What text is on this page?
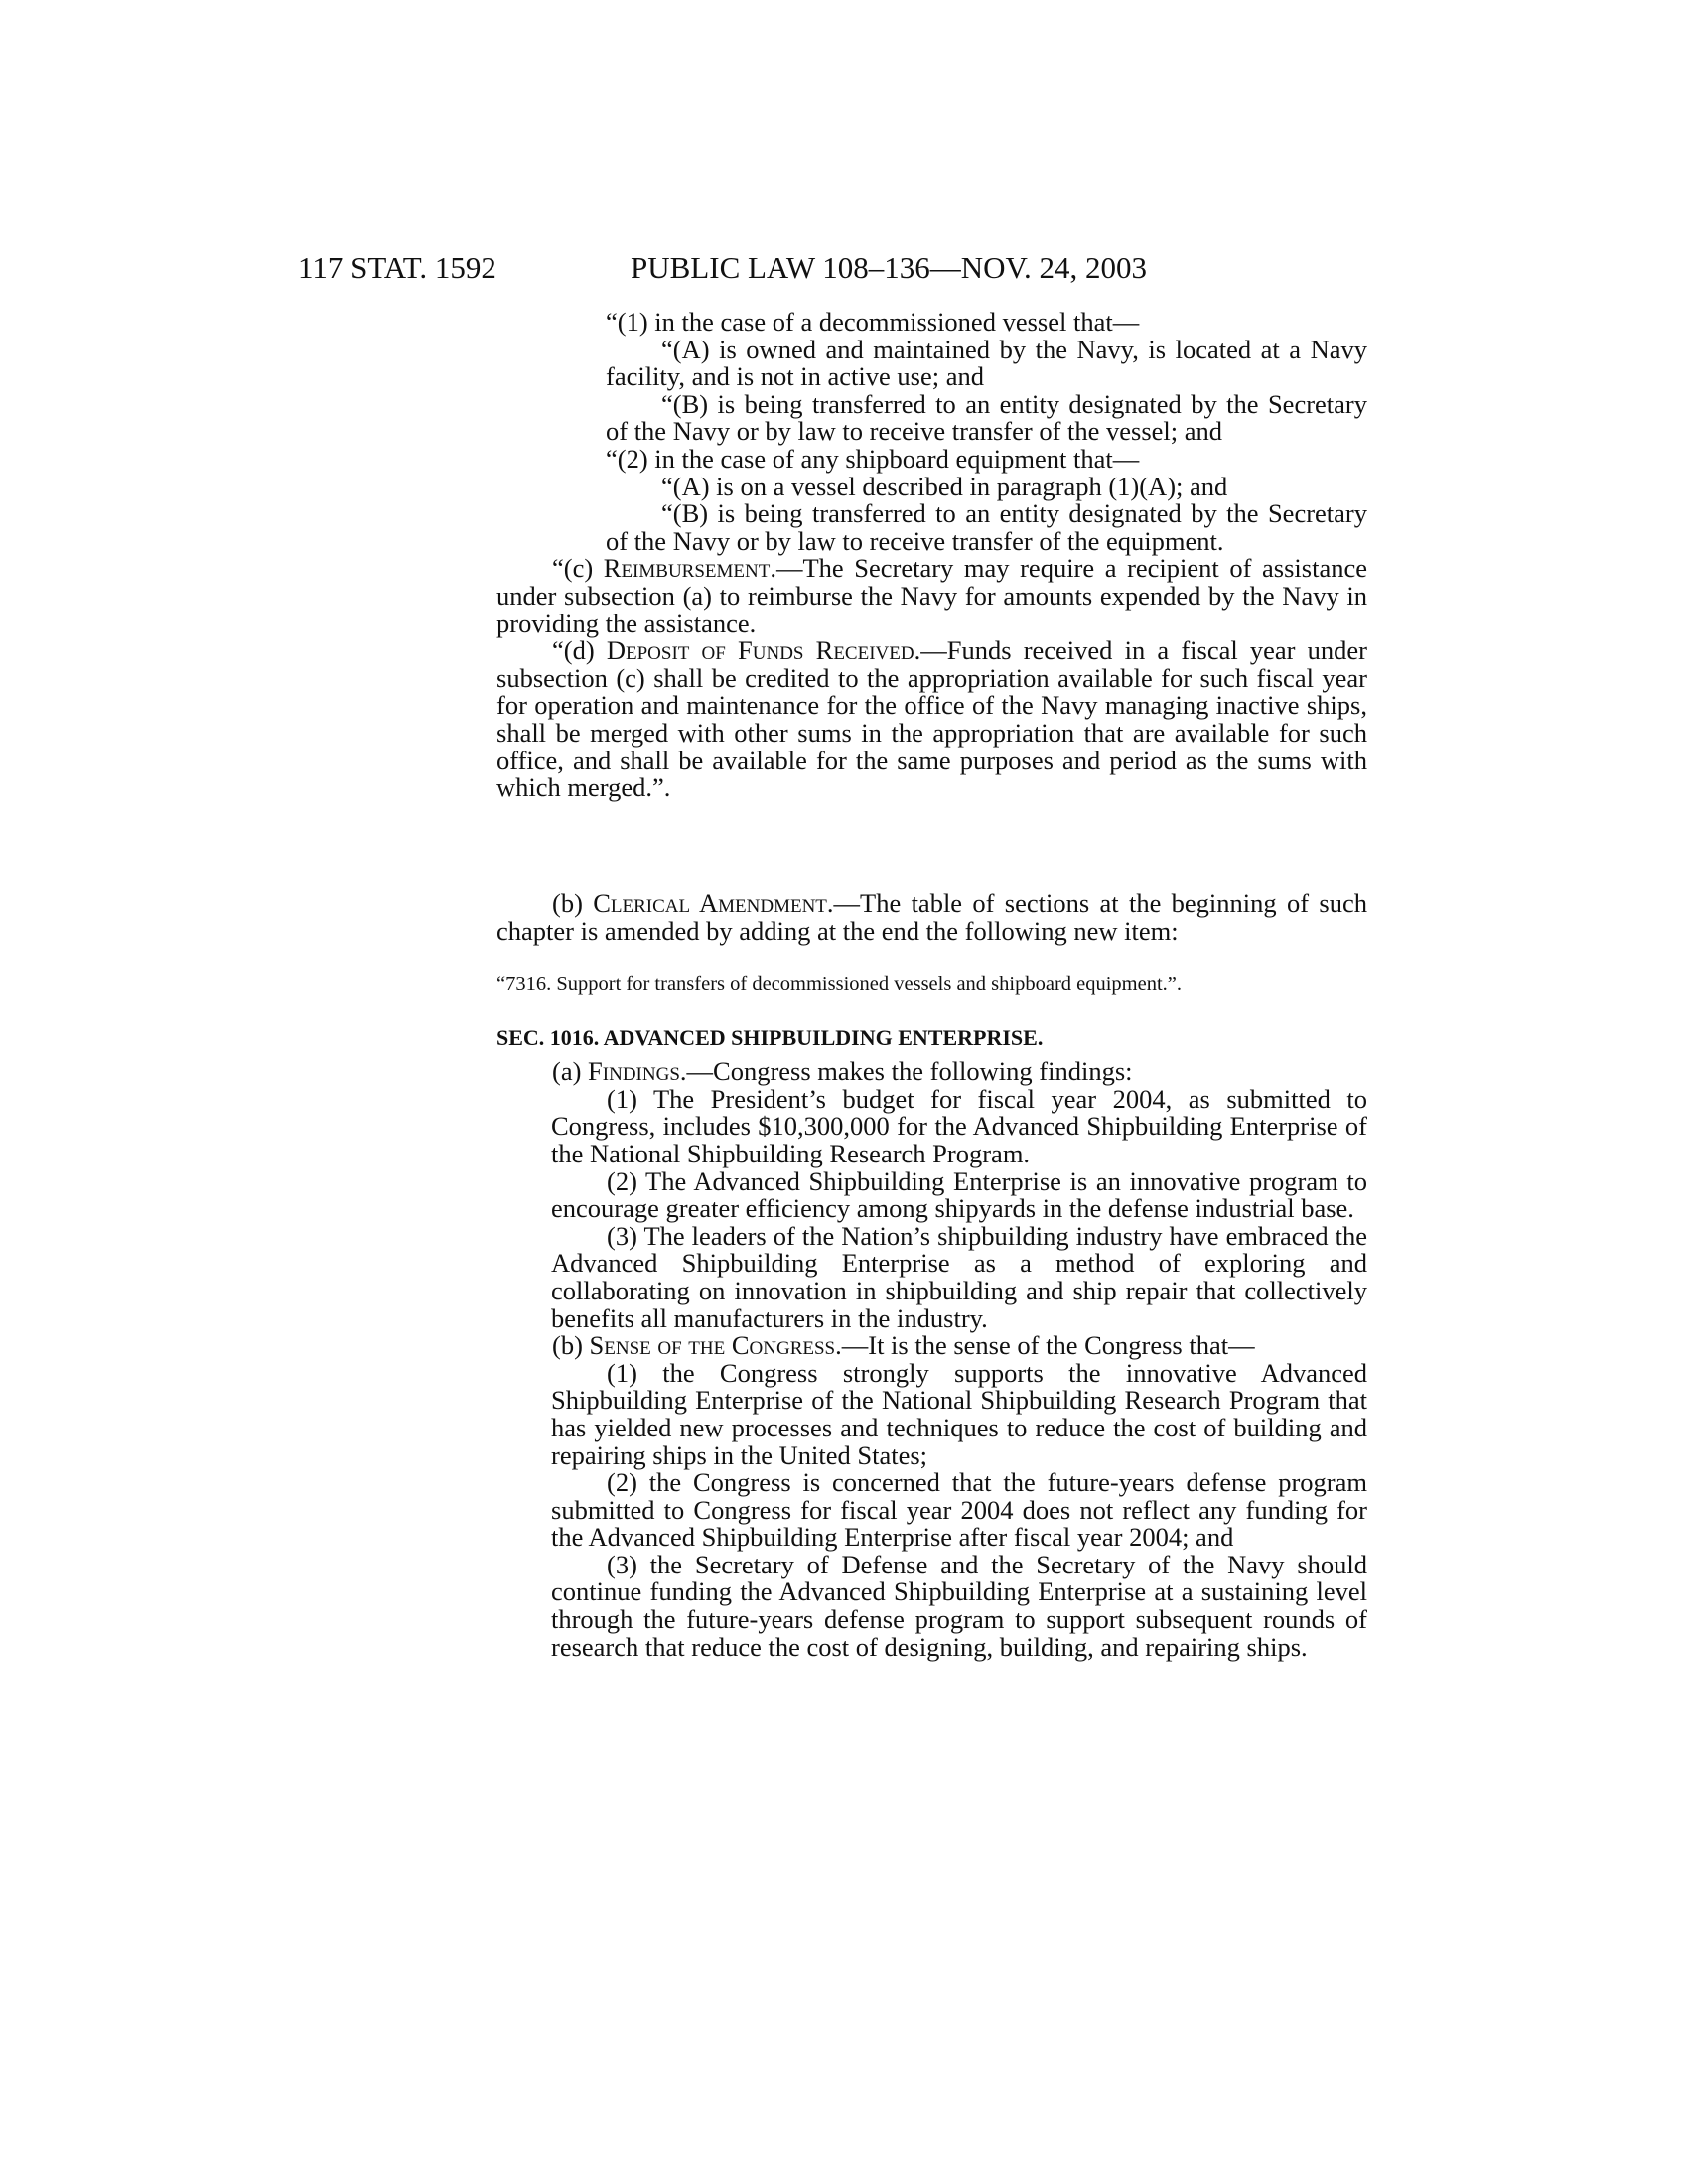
117 STAT. 1592	PUBLIC LAW 108–136—NOV. 24, 2003

“(1) in the case of a decommissioned vessel that—

“(A) is owned and maintained by the Navy, is located at a Navy facility, and is not in active use; and

“(B) is being transferred to an entity designated by the Secretary of the Navy or by law to receive transfer of the vessel; and

“(2) in the case of any shipboard equipment that—

“(A) is on a vessel described in paragraph (1)(A); and

“(B) is being transferred to an entity designated by the Secretary of the Navy or by law to receive transfer of the equipment.

“(c) Reimbursement.—The Secretary may require a recipient of assistance under subsection (a) to reimburse the Navy for amounts expended by the Navy in providing the assistance.

“(d) Deposit of Funds Received.—Funds received in a fiscal year under subsection (c) shall be credited to the appropriation available for such fiscal year for operation and maintenance for the office of the Navy managing inactive ships, shall be merged with other sums in the appropriation that are available for such office, and shall be available for the same purposes and period as the sums with which merged.”.

(b) Clerical Amendment.—The table of sections at the beginning of such chapter is amended by adding at the end the following new item:

“7316. Support for transfers of decommissioned vessels and shipboard equipment.”.
SEC. 1016. ADVANCED SHIPBUILDING ENTERPRISE.

(a) Findings.—Congress makes the following findings:

(1) The President’s budget for fiscal year 2004, as submitted to Congress, includes $10,300,000 for the Advanced Shipbuilding Enterprise of the National Shipbuilding Research Program.

(2) The Advanced Shipbuilding Enterprise is an innovative program to encourage greater efficiency among shipyards in the defense industrial base.

(3) The leaders of the Nation’s shipbuilding industry have embraced the Advanced Shipbuilding Enterprise as a method of exploring and collaborating on innovation in shipbuilding and ship repair that collectively benefits all manufacturers in the industry.

(b) Sense of the Congress.—It is the sense of the Congress that—

(1) the Congress strongly supports the innovative Advanced Shipbuilding Enterprise of the National Shipbuilding Research Program that has yielded new processes and techniques to reduce the cost of building and repairing ships in the United States;

(2) the Congress is concerned that the future-years defense program submitted to Congress for fiscal year 2004 does not reflect any funding for the Advanced Shipbuilding Enterprise after fiscal year 2004; and

(3) the Secretary of Defense and the Secretary of the Navy should continue funding the Advanced Shipbuilding Enterprise at a sustaining level through the future-years defense program to support subsequent rounds of research that reduce the cost of designing, building, and repairing ships.
